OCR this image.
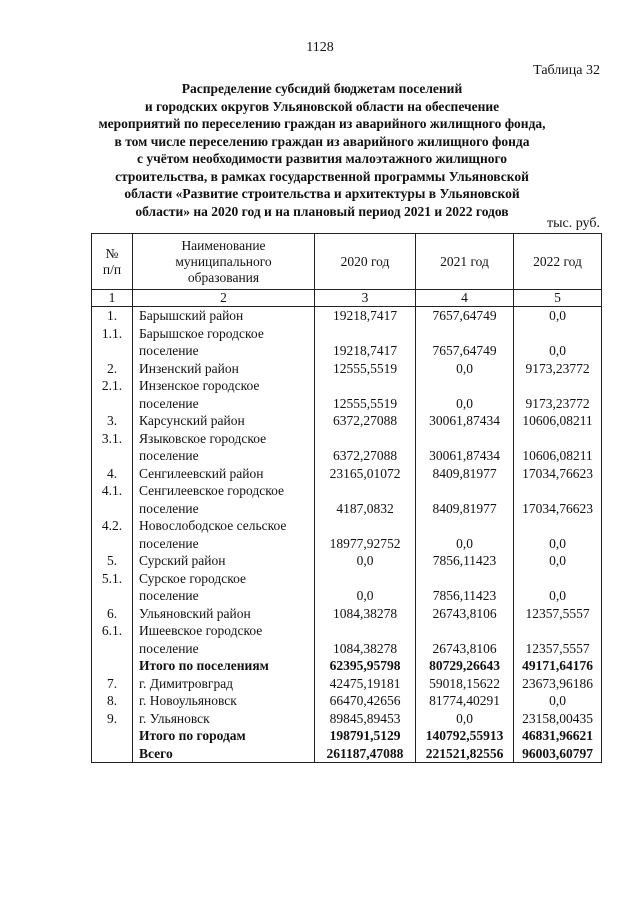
1128
Таблица 32
Распределение субсидий бюджетам поселений
и городских округов Ульяновской области на обеспечение
мероприятий по переселению граждан из аварийного жилищного фонда,
в том числе переселению граждан из аварийного жилищного фонда
с учётом необходимости развития малоэтажного жилищного
строительства, в рамках государственной программы Ульяновской
области «Развитие строительства и архитектуры в Ульяновской
области» на 2020 год и на плановый период 2021 и 2022 годов
тыс. руб.
№
п/п	Наименование
муниципального
образования	2020 год	2021 год	2022 год
1	2	3	4	5
1.	Барышский район	19218,7417	7657,64749	0,0
1.1.	Барышское городское
поселение	19218,7417	7657,64749	0,0
2.	Инзенский район	12555,5519	0,0	9173,23772
2.1.	Инзенское городское
поселение	12555,5519	0,0	9173,23772
3.	Карсунский район	6372,27088	30061,87434	10606,08211
3.1.	Языковское городское
поселение	6372,27088	30061,87434	10606,08211
4.	Сенгилеевский район	23165,01072	8409,81977	17034,76623
4.1.	Сенгилеевское городское
поселение	4187,0832	8409,81977	17034,76623
4.2.	Новослободское сельское
поселение	18977,92752	0,0	0,0
5.	Сурский район	0,0	7856,11423	0,0
5.1.	Сурское городское
поселение	0,0	7856,11423	0,0
6.	Ульяновский район	1084,38278	26743,8106	12357,5557
6.1.	Ишеевское городское
поселение	1084,38278	26743,8106	12357,5557
	Итого по поселениям	62395,95798	80729,26643	49171,64176
7.	г. Димитровград	42475,19181	59018,15622	23673,96186
8.	г. Новоульяновск	66470,42656	81774,40291	0,0
9.	г. Ульяновск	89845,89453	0,0	23158,00435
	Итого по городам	198791,5129	140792,55913	46831,96621
	Всего	261187,47088	221521,82556	96003,60797
